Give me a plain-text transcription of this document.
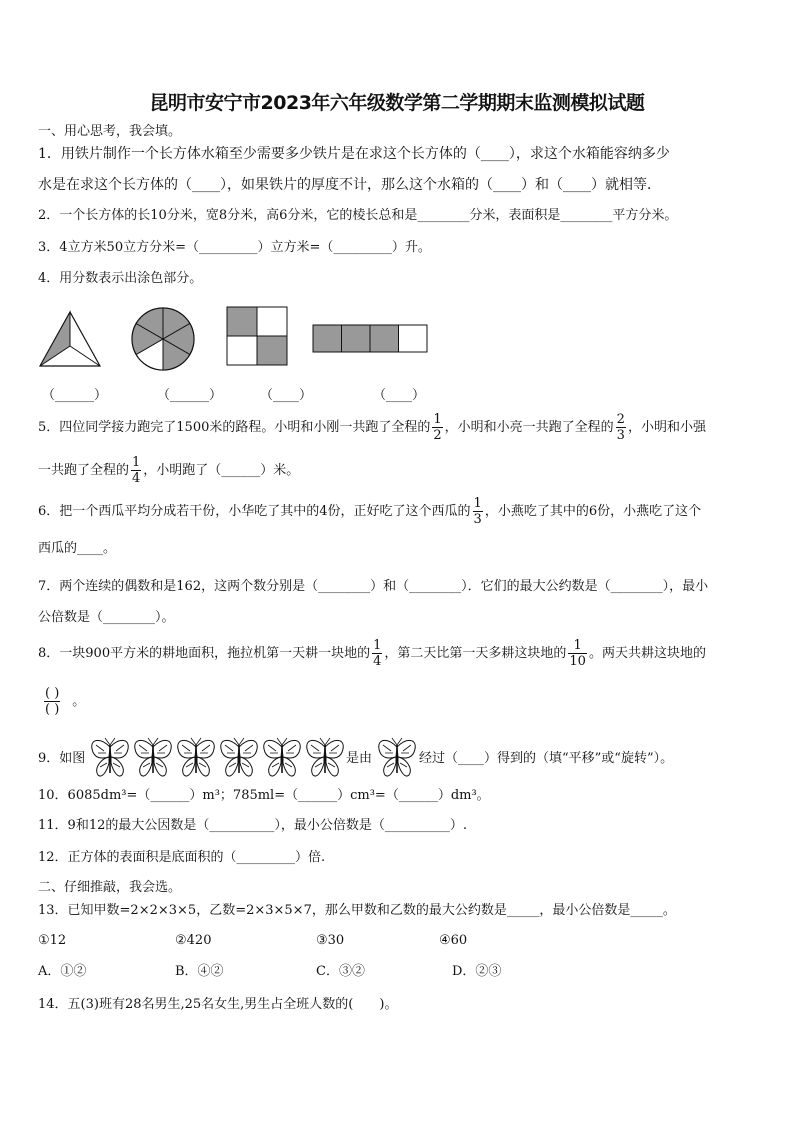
昆明市安宁市2023年六年级数学第二学期期末监测模拟试题
一、用心思考，我会填。
1．用铁片制作一个长方体水箱至少需要多少铁片是在求这个长方体的（____），求这个水箱能容纳多少
水是在求这个长方体的（____），如果铁片的厚度不计，那么这个水箱的（____）和（____）就相等．
2．一个长方体的长10分米，宽8分米，高6分米，它的棱长总和是________分米，表面积是________平方分米。
3．4立方米50立方分米=（_________）立方米=（_________）升。
4．用分数表示出涂色部分。
（______）	（______）	（____）	（____）
5．四位同学接力跑完了1500米的路程。小明和小刚一共跑了全程的 $\frac{1}{2}$ ，小明和小亮一共跑了全程的 $\frac{2}{3}$ ，小明和小强
一共跑了全程的 $\frac{1}{4}$ ，小明跑了（______）米。
6．把一个西瓜平均分成若干份，小华吃了其中的4份，正好吃了这个西瓜的 $\frac{1}{3}$ ，小燕吃了其中的6份，小燕吃了这个
西瓜的____。
7．两个连续的偶数和是162，这两个数分别是（________）和（________）．它们的最大公约数是（________），最小
公倍数是（________）。
8．一块900平方米的耕地面积，拖拉机第一天耕一块地的 $\frac{1}{4}$ ，第二天比第一天多耕这块地的 $\frac{1}{10}$ 。两天共耕这块地的
$\frac{( )}{( )}$ 。
9．如图	是由	经过（____）得到的（填“平移”或“旋转”）。
10．6085dm³=（______）m³；785ml=（______）cm³=（______）dm³。
11．9和12的最大公因数是（__________），最小公倍数是（__________）.
12．正方体的表面积是底面积的（_________）倍.
二、仔细推敲，我会选。
13．已知甲数=2×2×3×5，乙数=2×3×5×7，那么甲数和乙数的最大公约数是_____，最小公倍数是_____。
①12	②420	③30	④60
A．①②	B．④②	C．③②	D．②③
14．五(3)班有28名男生,25名女生,男生占全班人数的(　　)。
